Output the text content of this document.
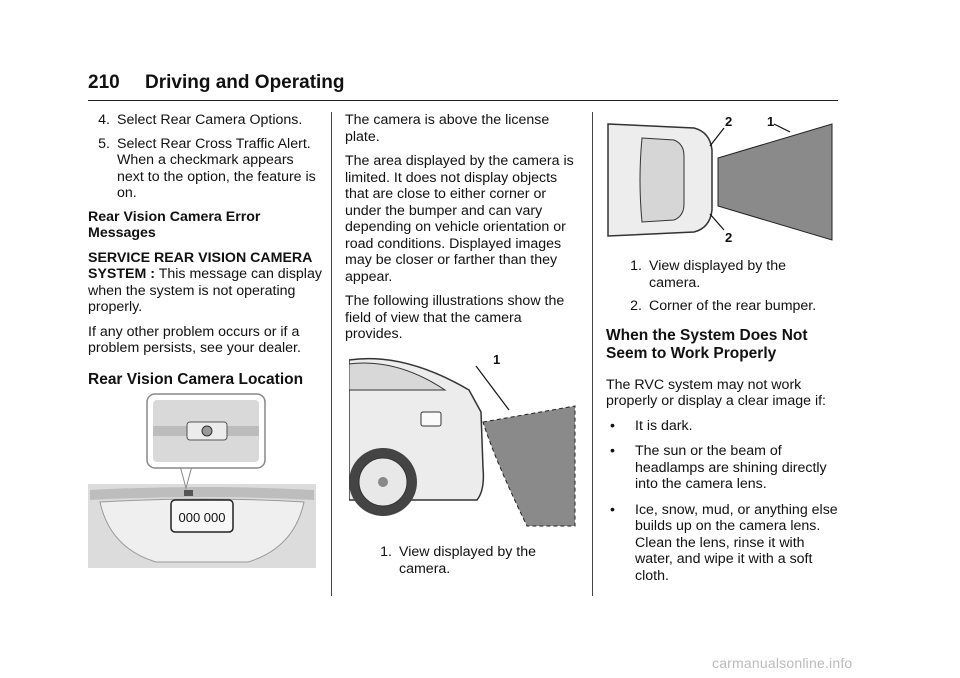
210 Driving and Operating
4. Select Rear Camera Options.
5. Select Rear Cross Traffic Alert. When a checkmark appears next to the option, the feature is on.

Rear Vision Camera Error Messages

SERVICE REAR VISION CAMERA SYSTEM : This message can display when the system is not operating properly.

If any other problem occurs or if a problem persists, see your dealer.

Rear Vision Camera Location
000 000

The camera is above the license plate.

The area displayed by the camera is limited. It does not display objects that are close to either corner or under the bumper and can vary depending on vehicle orientation or road conditions. Displayed images may be closer or farther than they appear.

The following illustrations show the field of view that the camera provides.

1
1. View displayed by the camera.
2	1
2
1. View displayed by the camera.
2. Corner of the rear bumper.
When the System Does Not Seem to Work Properly

The RVC system may not work properly or display a clear image if:

• It is dark.
• The sun or the beam of headlamps are shining directly into the camera lens.
• Ice, snow, mud, or anything else builds up on the camera lens. Clean the lens, rinse it with water, and wipe it with a soft cloth.
carmanualsonline.info
